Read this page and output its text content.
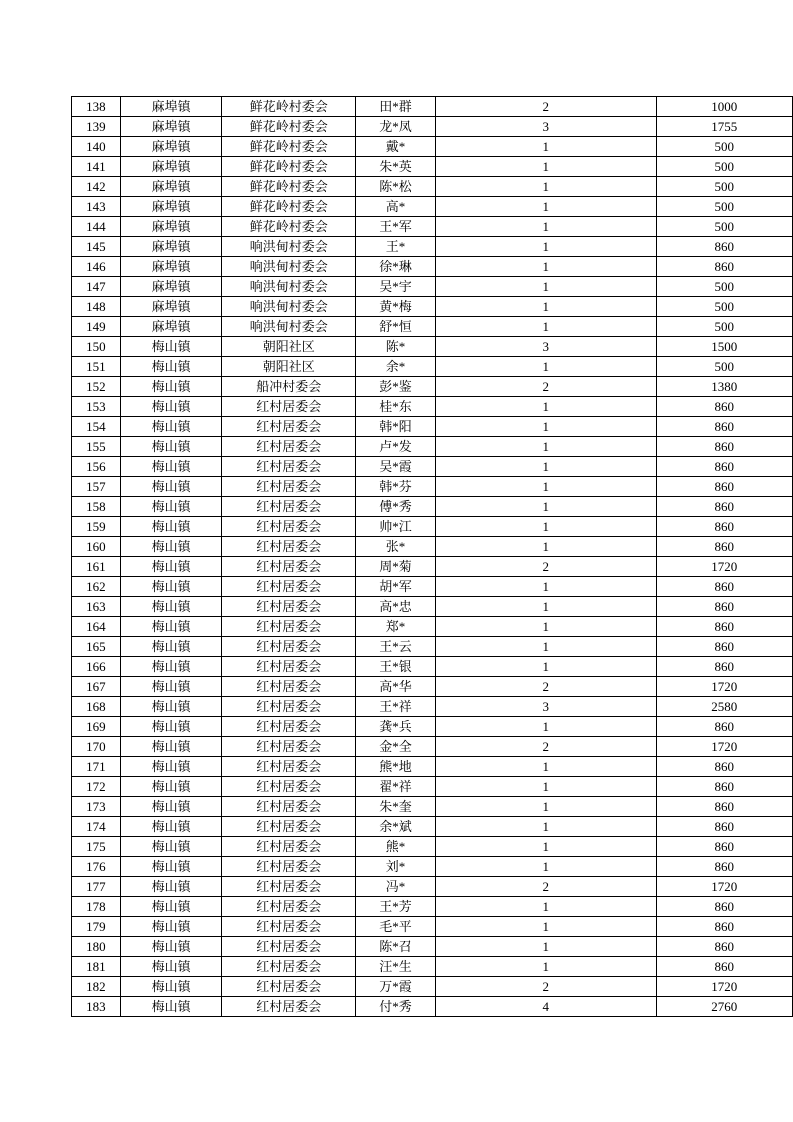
138	麻埠镇	鲜花岭村委会	田*群	2	1000
139	麻埠镇	鲜花岭村委会	龙*凤	3	1755
140	麻埠镇	鲜花岭村委会	戴*	1	500
141	麻埠镇	鲜花岭村委会	朱*英	1	500
142	麻埠镇	鲜花岭村委会	陈*松	1	500
143	麻埠镇	鲜花岭村委会	高*	1	500
144	麻埠镇	鲜花岭村委会	王*军	1	500
145	麻埠镇	响洪甸村委会	王*	1	860
146	麻埠镇	响洪甸村委会	徐*琳	1	860
147	麻埠镇	响洪甸村委会	吴*宇	1	500
148	麻埠镇	响洪甸村委会	黄*梅	1	500
149	麻埠镇	响洪甸村委会	舒*恒	1	500
150	梅山镇	朝阳社区	陈*	3	1500
151	梅山镇	朝阳社区	余*	1	500
152	梅山镇	船冲村委会	彭*鉴	2	1380
153	梅山镇	红村居委会	桂*东	1	860
154	梅山镇	红村居委会	韩*阳	1	860
155	梅山镇	红村居委会	卢*发	1	860
156	梅山镇	红村居委会	吴*霞	1	860
157	梅山镇	红村居委会	韩*芬	1	860
158	梅山镇	红村居委会	傅*秀	1	860
159	梅山镇	红村居委会	帅*江	1	860
160	梅山镇	红村居委会	张*	1	860
161	梅山镇	红村居委会	周*菊	2	1720
162	梅山镇	红村居委会	胡*军	1	860
163	梅山镇	红村居委会	高*忠	1	860
164	梅山镇	红村居委会	郑*	1	860
165	梅山镇	红村居委会	王*云	1	860
166	梅山镇	红村居委会	王*银	1	860
167	梅山镇	红村居委会	高*华	2	1720
168	梅山镇	红村居委会	王*祥	3	2580
169	梅山镇	红村居委会	龚*兵	1	860
170	梅山镇	红村居委会	金*全	2	1720
171	梅山镇	红村居委会	熊*地	1	860
172	梅山镇	红村居委会	翟*祥	1	860
173	梅山镇	红村居委会	朱*奎	1	860
174	梅山镇	红村居委会	余*斌	1	860
175	梅山镇	红村居委会	熊*	1	860
176	梅山镇	红村居委会	刘*	1	860
177	梅山镇	红村居委会	冯*	2	1720
178	梅山镇	红村居委会	王*芳	1	860
179	梅山镇	红村居委会	毛*平	1	860
180	梅山镇	红村居委会	陈*召	1	860
181	梅山镇	红村居委会	汪*生	1	860
182	梅山镇	红村居委会	万*霞	2	1720
183	梅山镇	红村居委会	付*秀	4	2760
